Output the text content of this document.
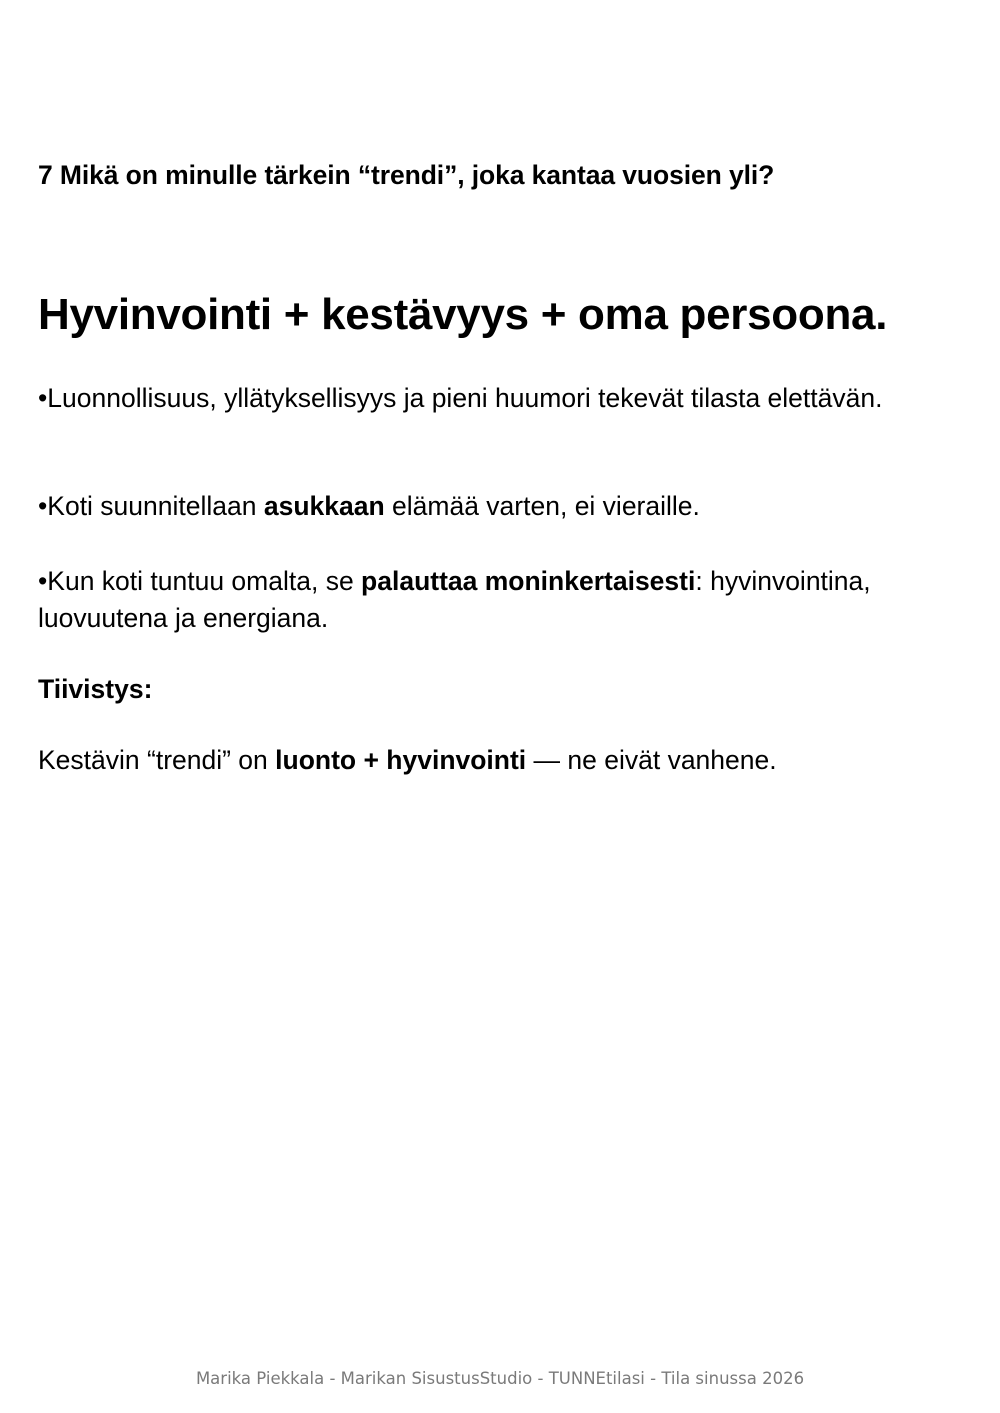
7 Mikä on minulle tärkein “trendi”, joka kantaa vuosien yli?
Hyvinvointi + kestävyys + oma persoona.

•Luonnollisuus, yllätyksellisyys ja pieni huumori tekevät tilasta elettävän.

•Koti suunnitellaan asukkaan elämää varten, ei vieraille.

•Kun koti tuntuu omalta, se palauttaa moninkertaisesti: hyvinvointina, luovuutena ja energiana.

Tiivistys:

Kestävin “trendi” on luonto + hyvinvointi — ne eivät vanhene.

Marika Piekkala - Marikan SisustusStudio - TUNNEtilasi - Tila sinussa 2026
